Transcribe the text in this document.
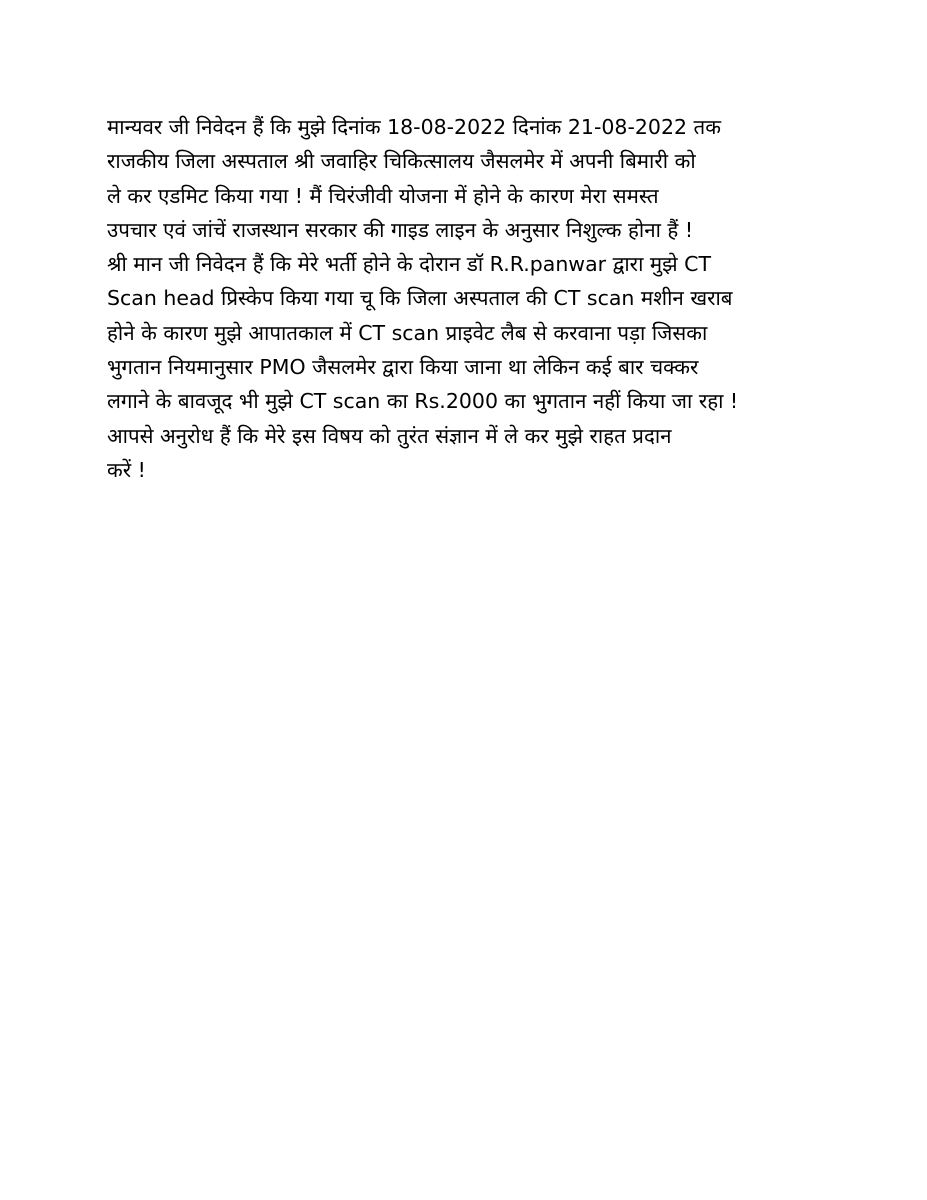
मान्यवर जी निवेदन हैं कि मुझे दिनांक 18-08-2022 दिनांक 21-08-2022 तक
राजकीय जिला अस्पताल श्री जवाहिर चिकित्सालय जैसलमेर में अपनी बिमारी को
ले कर एडमिट किया गया ! मैं चिरंजीवी योजना में होने के कारण मेरा समस्त
उपचार एवं जांचें राजस्थान सरकार की गाइड लाइन के अनुसार निशुल्क होना हैं !
श्री मान जी निवेदन हैं कि मेरे भर्ती होने के दोरान डॉ R.R.panwar द्वारा मुझे CT
Scan head प्रिस्केप किया गया चू कि जिला अस्पताल की CT scan मशीन खराब
होने के कारण मुझे आपातकाल में CT scan प्राइवेट लैब से करवाना पड़ा जिसका
भुगतान नियमानुसार PMO जैसलमेर द्वारा किया जाना था लेकिन कई बार चक्कर
लगाने के बावजूद भी मुझे CT scan का Rs.2000 का भुगतान नहीं किया जा रहा !
आपसे अनुरोध हैं कि मेरे इस विषय को तुरंत संज्ञान में ले कर मुझे राहत प्रदान
करें !
